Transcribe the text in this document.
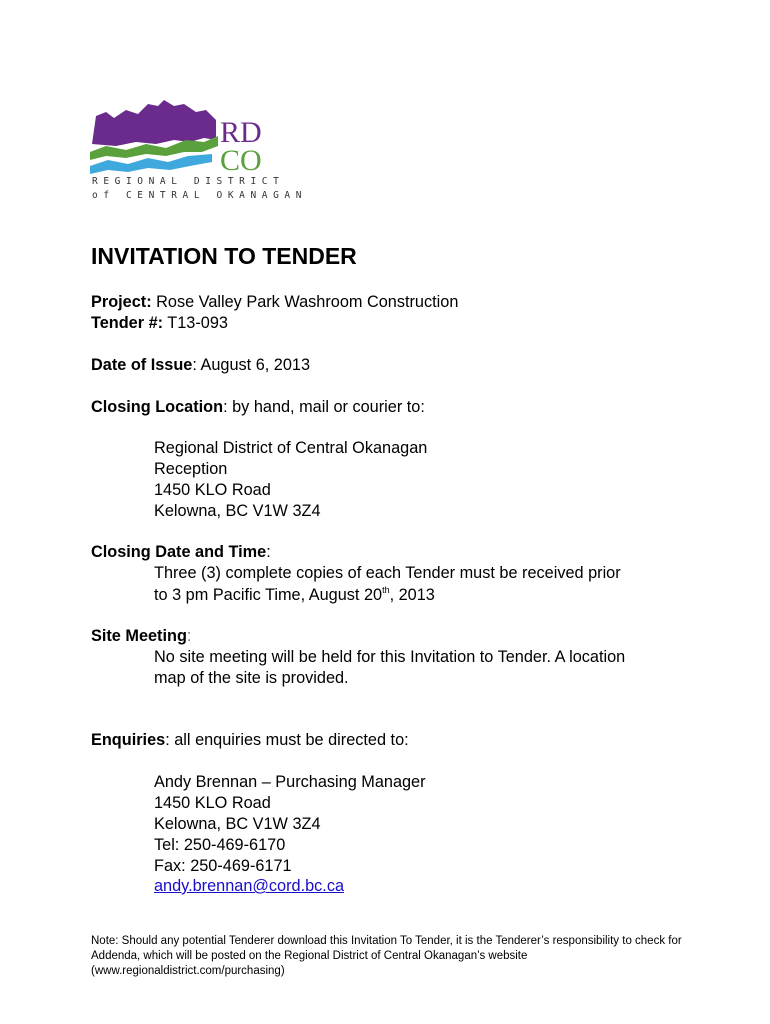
RD
CO
REGIONAL DISTRICT
of CENTRAL OKANAGAN
INVITATION TO TENDER
Project: Rose Valley Park Washroom Construction
Tender #: T13-093
Date of Issue: August 6, 2013
Closing Location: by hand, mail or courier to:
Regional District of Central Okanagan
Reception
1450 KLO Road
Kelowna, BC V1W 3Z4
Closing Date and Time:
Three (3) complete copies of each Tender must be received prior
to 3 pm Pacific Time, August 20th, 2013
Site Meeting:
No site meeting will be held for this Invitation to Tender. A location
map of the site is provided.
Enquiries: all enquiries must be directed to:
Andy Brennan – Purchasing Manager
1450 KLO Road
Kelowna, BC V1W 3Z4
Tel: 250-469-6170
Fax: 250-469-6171
andy.brennan@cord.bc.ca
Note: Should any potential Tenderer download this Invitation To Tender, it is the Tenderer’s responsibility to check for Addenda, which will be posted on the Regional District of Central Okanagan’s website (www.regionaldistrict.com/purchasing)
